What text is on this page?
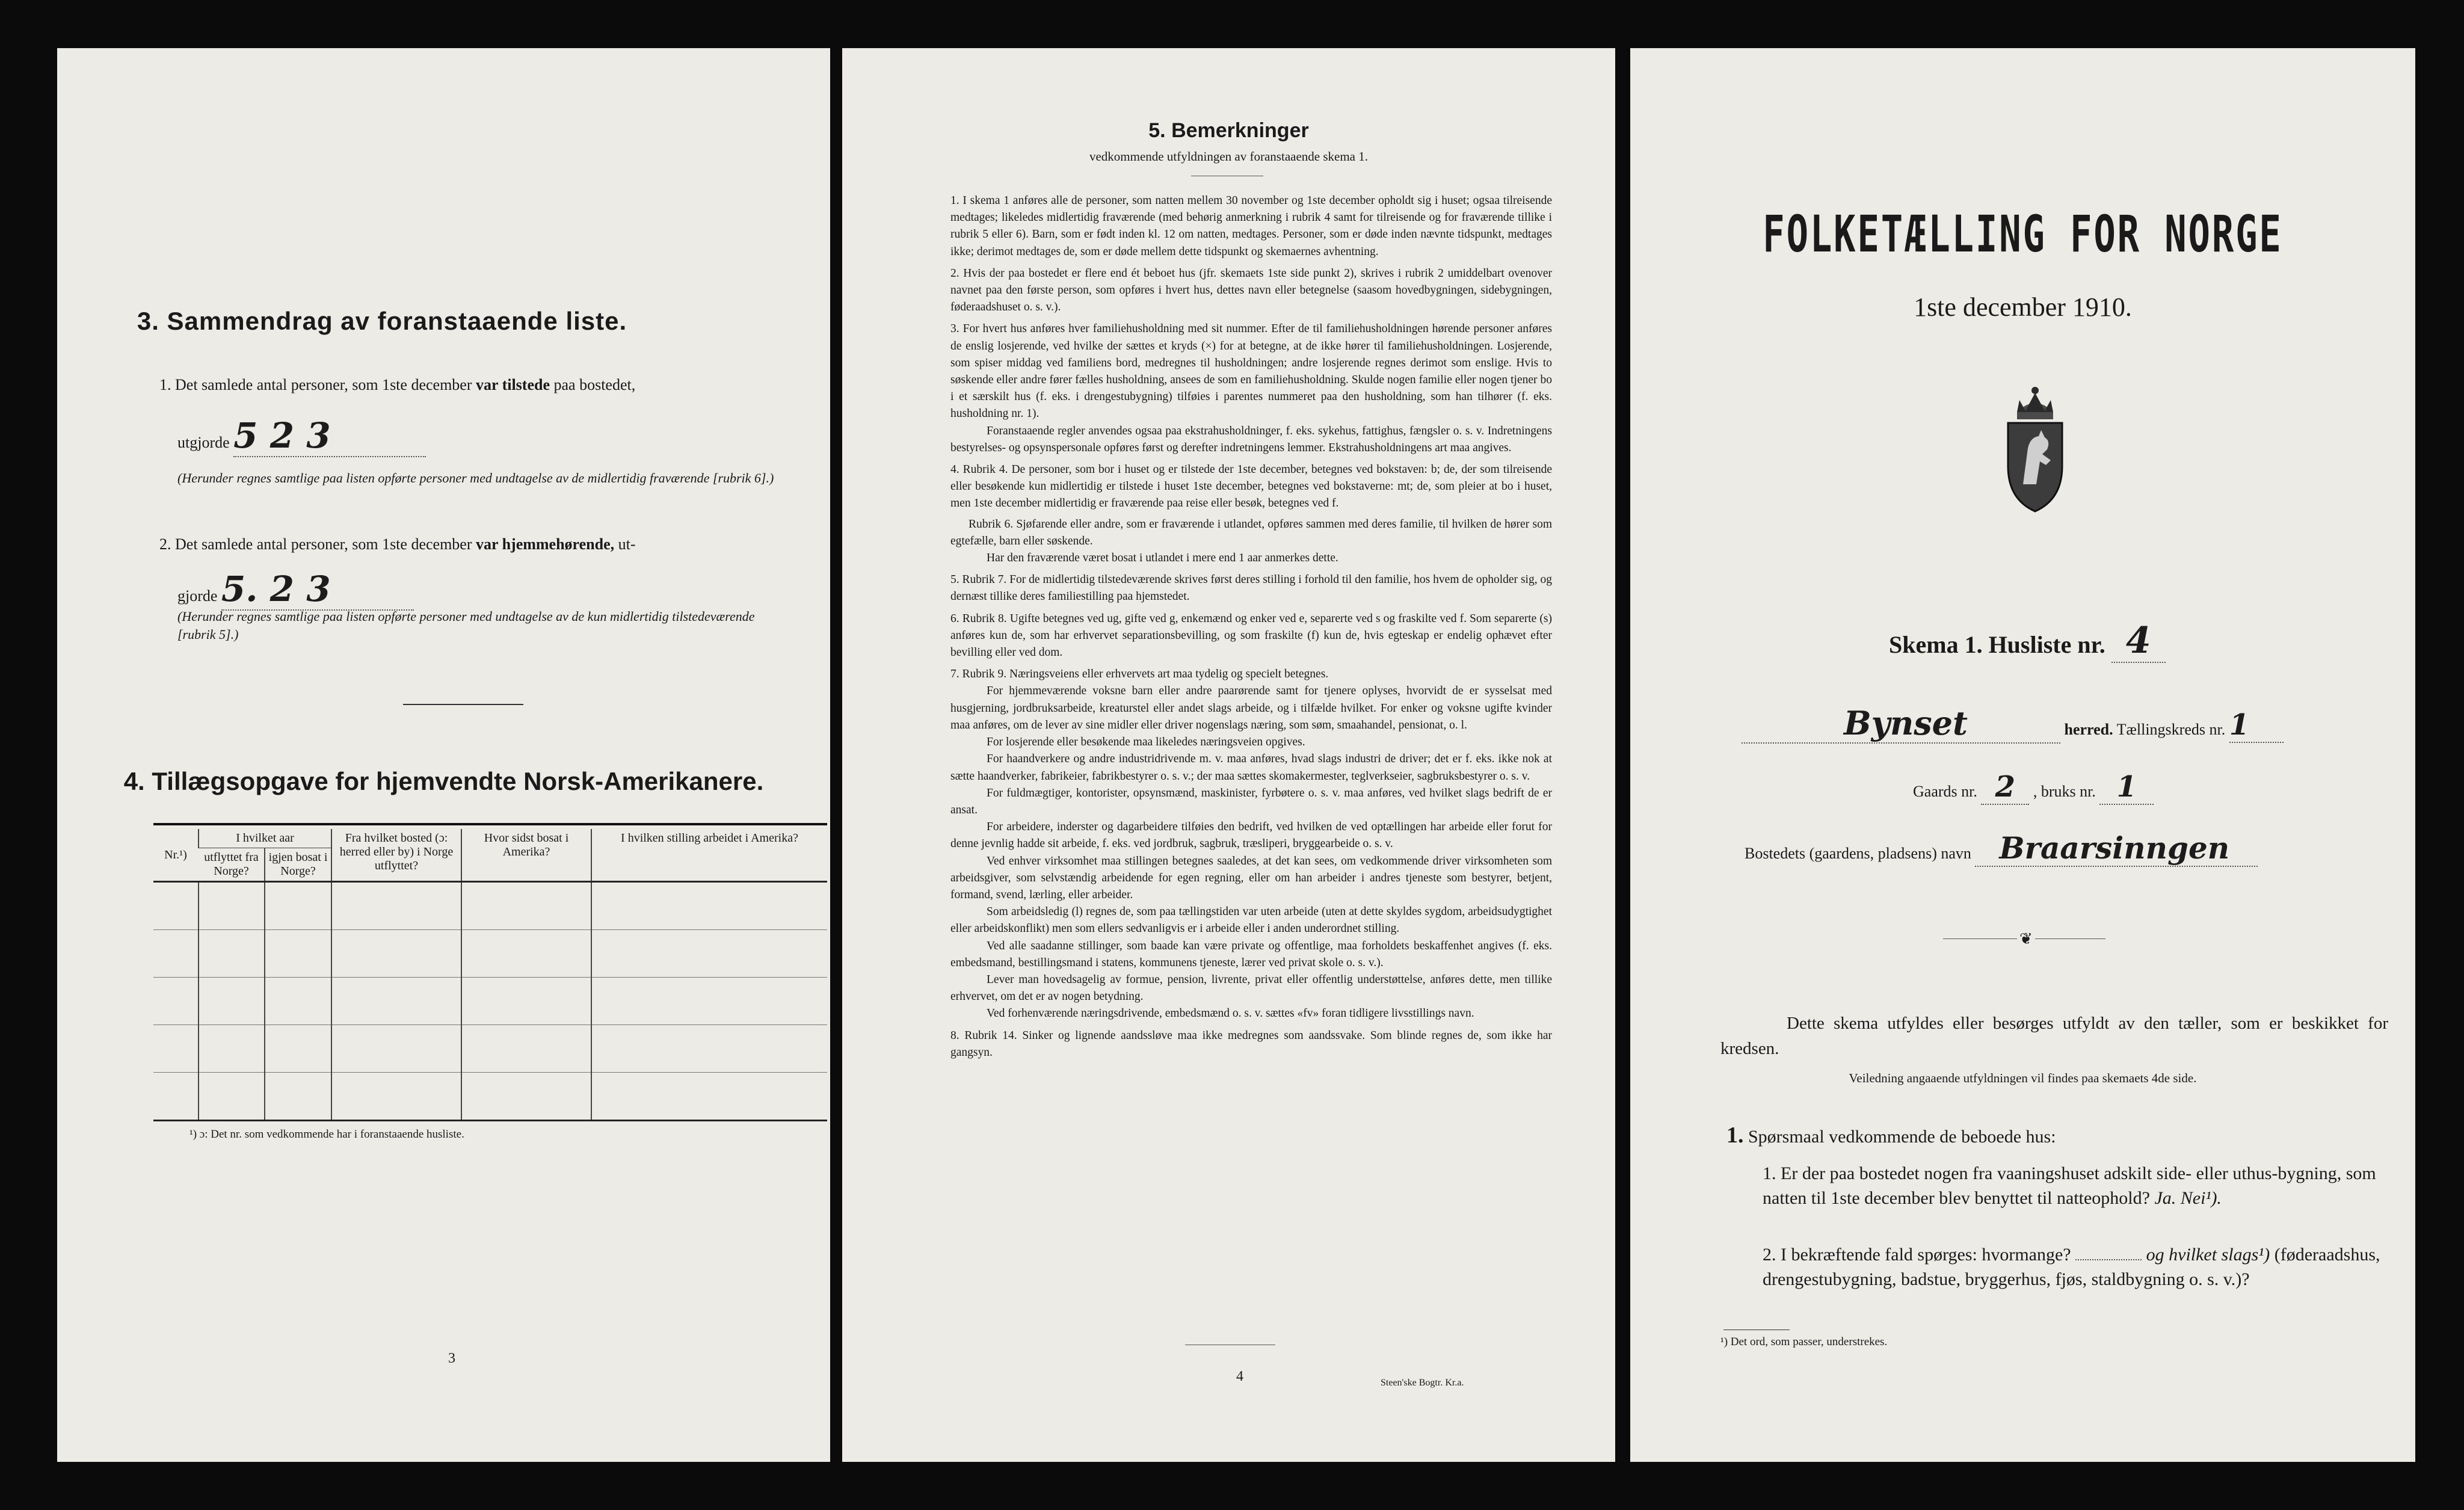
3. Sammendrag av foranstaaende liste.
1. Det samlede antal personer, som 1ste december var tilstede paa bostedet,
utgjorde 5 2 3
(Herunder regnes samtlige paa listen opførte personer med undtagelse av de midlertidig fraværende [rubrik 6].)
2. Det samlede antal personer, som 1ste december var hjemmehørende, ut-
gjorde 5. 2 3
(Herunder regnes samtlige paa listen opførte personer med undtagelse av de kun midlertidig tilstedeværende [rubrik 5].)
4. Tillægsopgave for hjemvendte Norsk-Amerikanere.
Nr.¹)	I hvilket aar		Fra hvilket bosted (ɔ: herred eller by) i Norge utflyttet?	Hvor sidst bosat i Amerika?	I hvilken stilling arbeidet i Amerika?
	utflyttet fra Norge?	igjen bosat i Norge?			

¹) ɔ: Det nr. som vedkommende har i foranstaaende husliste.
3
5. Bemerkninger
vedkommende utfyldningen av foranstaaende skema 1.

1. I skema 1 anføres alle de personer, som natten mellem 30 november og 1ste december opholdt sig i huset; ogsaa tilreisende medtages; likeledes midlertidig fraværende (med behørig anmerkning i rubrik 4 samt for tilreisende og for fraværende tillike i rubrik 5 eller 6). Barn, som er født inden kl. 12 om natten, medtages. Personer, som er døde inden nævnte tidspunkt, medtages ikke; derimot medtages de, som er døde mellem dette tidspunkt og skemaernes avhentning.

2. Hvis der paa bostedet er flere end ét beboet hus (jfr. skemaets 1ste side punkt 2), skrives i rubrik 2 umiddelbart ovenover navnet paa den første person, som opføres i hvert hus, dettes navn eller betegnelse (saasom hovedbygningen, sidebygningen, føderaadshuset o. s. v.).

3. For hvert hus anføres hver familiehusholdning med sit nummer. Efter de til familiehusholdningen hørende personer anføres de enslig losjerende, ved hvilke der sættes et kryds (×) for at betegne, at de ikke hører til familiehusholdningen. Losjerende, som spiser middag ved familiens bord, medregnes til husholdningen; andre losjerende regnes derimot som enslige. Hvis to søskende eller andre fører fælles husholdning, ansees de som en familiehusholdning. Skulde nogen familie eller nogen tjener bo i et særskilt hus (f. eks. i drengestubygning) tilføies i parentes nummeret paa den husholdning, som han tilhører (f. eks. husholdning nr. 1).

Foranstaaende regler anvendes ogsaa paa ekstrahusholdninger, f. eks. sykehus, fattighus, fængsler o. s. v. Indretningens bestyrelses- og opsynspersonale opføres først og derefter indretningens lemmer. Ekstrahusholdningens art maa angives.

4. Rubrik 4. De personer, som bor i huset og er tilstede der 1ste december, betegnes ved bokstaven: b; de, der som tilreisende eller besøkende kun midlertidig er tilstede i huset 1ste december, betegnes ved bokstaverne: mt; de, som pleier at bo i huset, men 1ste december midlertidig er fraværende paa reise eller besøk, betegnes ved f.

Rubrik 6. Sjøfarende eller andre, som er fraværende i utlandet, opføres sammen med deres familie, til hvilken de hører som egtefælle, barn eller søskende.

Har den fraværende været bosat i utlandet i mere end 1 aar anmerkes dette.

5. Rubrik 7. For de midlertidig tilstedeværende skrives først deres stilling i forhold til den familie, hos hvem de opholder sig, og dernæst tillike deres familiestilling paa hjemstedet.

6. Rubrik 8. Ugifte betegnes ved ug, gifte ved g, enkemænd og enker ved e, separerte ved s og fraskilte ved f. Som separerte (s) anføres kun de, som har erhvervet separationsbevilling, og som fraskilte (f) kun de, hvis egteskap er endelig ophævet efter bevilling eller ved dom.

7. Rubrik 9. Næringsveiens eller erhvervets art maa tydelig og specielt betegnes.

For hjemmeværende voksne barn eller andre paarørende samt for tjenere oplyses, hvorvidt de er sysselsat med husgjerning, jordbruksarbeide, kreaturstel eller andet slags arbeide, og i tilfælde hvilket. For enker og voksne ugifte kvinder maa anføres, om de lever av sine midler eller driver nogenslags næring, som søm, smaahandel, pensionat, o. l.

For losjerende eller besøkende maa likeledes næringsveien opgives.

For haandverkere og andre industridrivende m. v. maa anføres, hvad slags industri de driver; det er f. eks. ikke nok at sætte haandverker, fabrikeier, fabrikbestyrer o. s. v.; der maa sættes skomakermester, teglverkseier, sagbruksbestyrer o. s. v.

For fuldmægtiger, kontorister, opsynsmænd, maskinister, fyrbøtere o. s. v. maa anføres, ved hvilket slags bedrift de er ansat.

For arbeidere, inderster og dagarbeidere tilføies den bedrift, ved hvilken de ved optællingen har arbeide eller forut for denne jevnlig hadde sit arbeide, f. eks. ved jordbruk, sagbruk, træsliperi, bryggearbeide o. s. v.

Ved enhver virksomhet maa stillingen betegnes saaledes, at det kan sees, om vedkommende driver virksomheten som arbeidsgiver, som selvstændig arbeidende for egen regning, eller om han arbeider i andres tjeneste som bestyrer, betjent, formand, svend, lærling, eller arbeider.

Som arbeidsledig (l) regnes de, som paa tællingstiden var uten arbeide (uten at dette skyldes sygdom, arbeidsudygtighet eller arbeidskonflikt) men som ellers sedvanligvis er i arbeide eller i anden underordnet stilling.

Ved alle saadanne stillinger, som baade kan være private og offentlige, maa forholdets beskaffenhet angives (f. eks. embedsmand, bestillingsmand i statens, kommunens tjeneste, lærer ved privat skole o. s. v.).

Lever man hovedsagelig av formue, pension, livrente, privat eller offentlig understøttelse, anføres dette, men tillike erhvervet, om det er av nogen betydning.

Ved forhenværende næringsdrivende, embedsmænd o. s. v. sættes «fv» foran tidligere livsstillings navn.

8. Rubrik 14. Sinker og lignende aandssløve maa ikke medregnes som aandssvake. Som blinde regnes de, som ikke har gangsyn.

4	Steen'ske Bogtr. Kr.a.
FOLKETÆLLING FOR NORGE
1ste december 1910.
Skema 1. Husliste nr. 4
Bynset	herred. Tællingskreds nr. 1
Gaards nr. 2 , bruks nr. 1
Bostedets (gaardens, pladsens) navn Braarsinngen
❦
Dette skema utfyldes eller besørges utfyldt av den tæller, som er beskikket for kredsen.
Veiledning angaaende utfyldningen vil findes paa skemaets 4de side.
1. Spørsmaal vedkommende de beboede hus:
1. Er der paa bostedet nogen fra vaaningshuset adskilt side- eller uthus-bygning, som natten til 1ste december blev benyttet til natteophold? Ja. Nei¹).
2. I bekræftende fald spørges: hvormange?	og hvilket slags¹) (føderaadshus, drengestubygning, badstue, bryggerhus, fjøs, staldbygning o. s. v.)?
¹) Det ord, som passer, understrekes.
